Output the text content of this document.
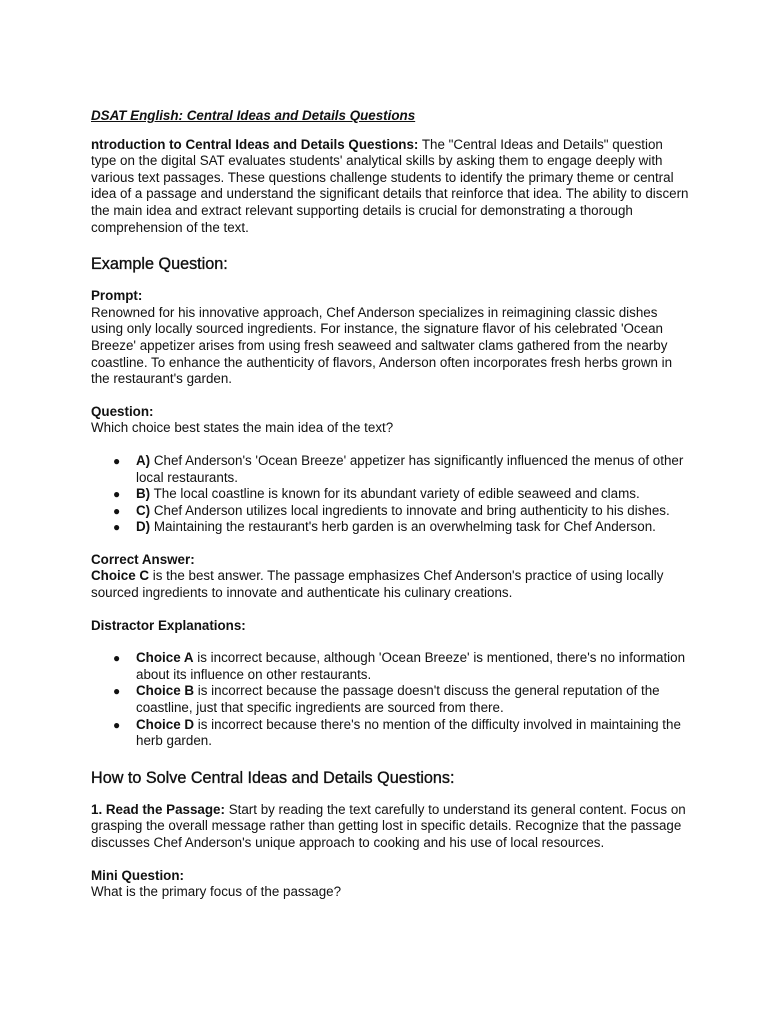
DSAT English: Central Ideas and Details Questions

ntroduction to Central Ideas and Details Questions: The "Central Ideas and Details" question type on the digital SAT evaluates students' analytical skills by asking them to engage deeply with various text passages. These questions challenge students to identify the primary theme or central idea of a passage and understand the significant details that reinforce that idea. The ability to discern the main idea and extract relevant supporting details is crucial for demonstrating a thorough comprehension of the text.

Example Question:
Prompt:

Renowned for his innovative approach, Chef Anderson specializes in reimagining classic dishes using only locally sourced ingredients. For instance, the signature flavor of his celebrated 'Ocean Breeze' appetizer arises from using fresh seaweed and saltwater clams gathered from the nearby coastline. To enhance the authenticity of flavors, Anderson often incorporates fresh herbs grown in the restaurant's garden.

Question:

Which choice best states the main idea of the text?

● A) Chef Anderson's 'Ocean Breeze' appetizer has significantly influenced the menus of other local restaurants.
● B) The local coastline is known for its abundant variety of edible seaweed and clams.
● C) Chef Anderson utilizes local ingredients to innovate and bring authenticity to his dishes.
● D) Maintaining the restaurant's herb garden is an overwhelming task for Chef Anderson.
Correct Answer:

Choice C is the best answer. The passage emphasizes Chef Anderson's practice of using locally sourced ingredients to innovate and authenticate his culinary creations.

Distractor Explanations:
● Choice A is incorrect because, although 'Ocean Breeze' is mentioned, there's no information about its influence on other restaurants.
● Choice B is incorrect because the passage doesn't discuss the general reputation of the coastline, just that specific ingredients are sourced from there.
● Choice D is incorrect because there's no mention of the difficulty involved in maintaining the herb garden.
How to Solve Central Ideas and Details Questions:

1. Read the Passage: Start by reading the text carefully to understand its general content. Focus on grasping the overall message rather than getting lost in specific details. Recognize that the passage discusses Chef Anderson's unique approach to cooking and his use of local resources.

Mini Question:

What is the primary focus of the passage?
